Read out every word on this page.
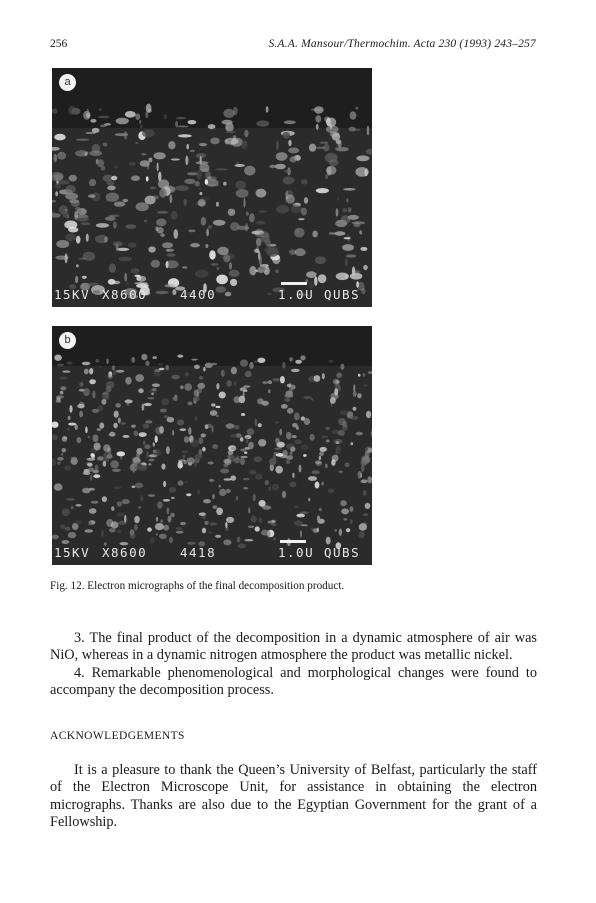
256	S.A.A. Mansour/Thermochim. Acta 230 (1993) 243–257
a
15KV X8600	4400	1.0U QUBS
b
15KV X8600	4418	1.0U QUBS
Fig. 12. Electron micrographs of the final decomposition product.

3. The final product of the decomposition in a dynamic atmosphere of air was NiO, whereas in a dynamic nitrogen atmosphere the product was metallic nickel.

4. Remarkable phenomenological and morphological changes were found to accompany the decomposition process.

ACKNOWLEDGEMENTS

It is a pleasure to thank the Queen’s University of Belfast, particularly the staff of the Electron Microscope Unit, for assistance in obtaining the electron micrographs. Thanks are also due to the Egyptian Government for the grant of a Fellowship.
